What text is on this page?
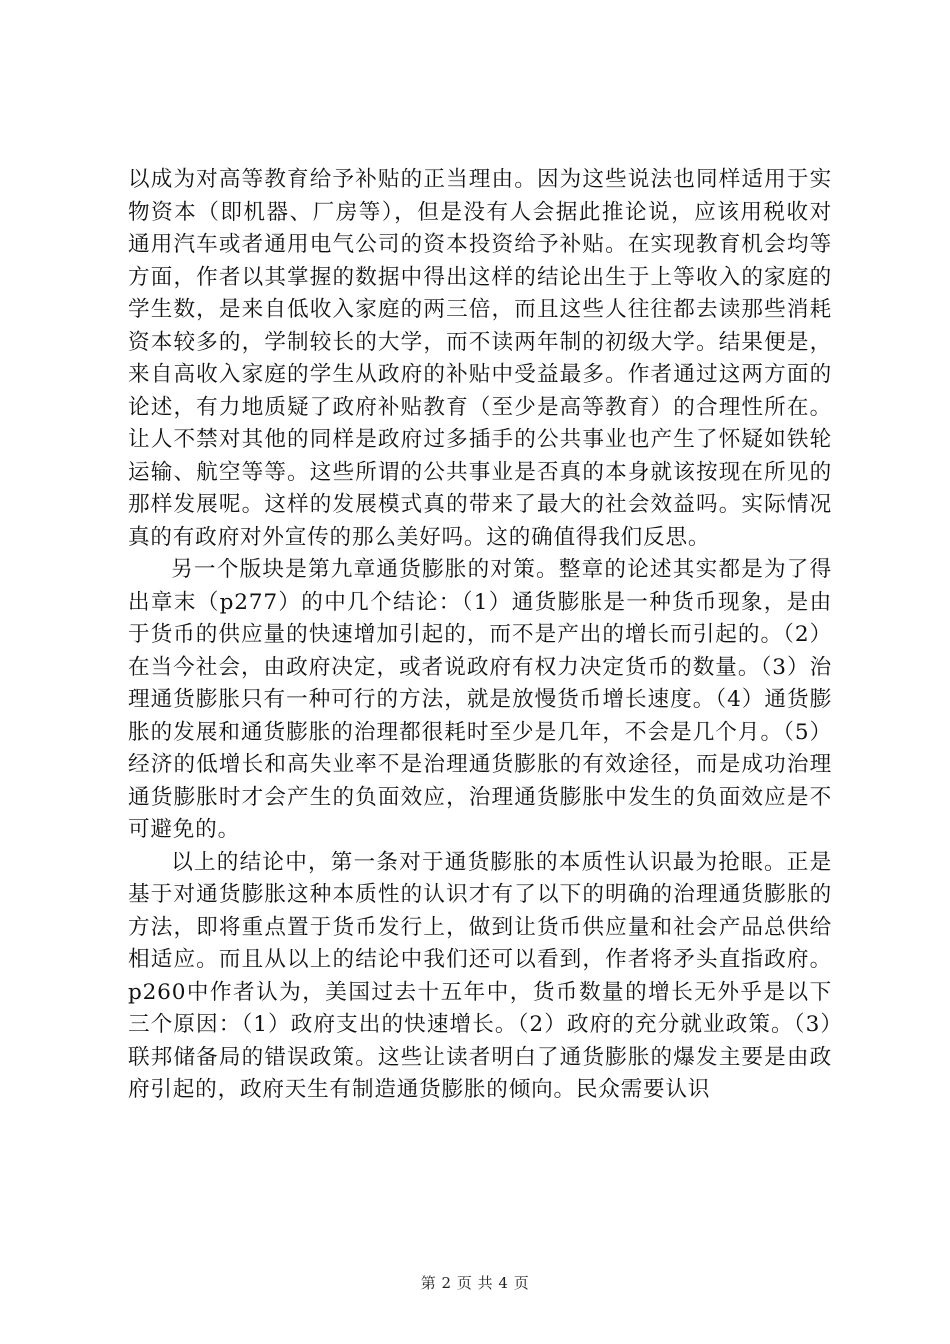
以成为对高等教育给予补贴的正当理由。因为这些说法也同样适用于实物资本（即机器、厂房等），但是没有人会据此推论说，应该用税收对通用汽车或者通用电气公司的资本投资给予补贴。在实现教育机会均等方面，作者以其掌握的数据中得出这样的结论出生于上等收入的家庭的学生数，是来自低收入家庭的两三倍，而且这些人往往都去读那些消耗资本较多的，学制较长的大学，而不读两年制的初级大学。结果便是，来自高收入家庭的学生从政府的补贴中受益最多。作者通过这两方面的论述，有力地质疑了政府补贴教育（至少是高等教育）的合理性所在。让人不禁对其他的同样是政府过多插手的公共事业也产生了怀疑如铁轮运输、航空等等。这些所谓的公共事业是否真的本身就该按现在所见的那样发展呢。这样的发展模式真的带来了最大的社会效益吗。实际情况真的有政府对外宣传的那么美好吗。这的确值得我们反思。

另一个版块是第九章通货膨胀的对策。整章的论述其实都是为了得出章末（p277）的中几个结论：（1）通货膨胀是一种货币现象，是由于货币的供应量的快速增加引起的，而不是产出的增长而引起的。（2）在当今社会，由政府决定，或者说政府有权力决定货币的数量。（3）治理通货膨胀只有一种可行的方法，就是放慢货币增长速度。（4）通货膨胀的发展和通货膨胀的治理都很耗时至少是几年，不会是几个月。（5）经济的低增长和高失业率不是治理通货膨胀的有效途径，而是成功治理通货膨胀时才会产生的负面效应，治理通货膨胀中发生的负面效应是不可避免的。

以上的结论中，第一条对于通货膨胀的本质性认识最为抢眼。正是基于对通货膨胀这种本质性的认识才有了以下的明确的治理通货膨胀的方法，即将重点置于货币发行上，做到让货币供应量和社会产品总供给相适应。而且从以上的结论中我们还可以看到，作者将矛头直指政府。p260中作者认为，美国过去十五年中，货币数量的增长无外乎是以下三个原因：（1）政府支出的快速增长。（2）政府的充分就业政策。（3）联邦储备局的错误政策。这些让读者明白了通货膨胀的爆发主要是由政府引起的，政府天生有制造通货膨胀的倾向。民众需要认识

第 2 页 共 4 页
